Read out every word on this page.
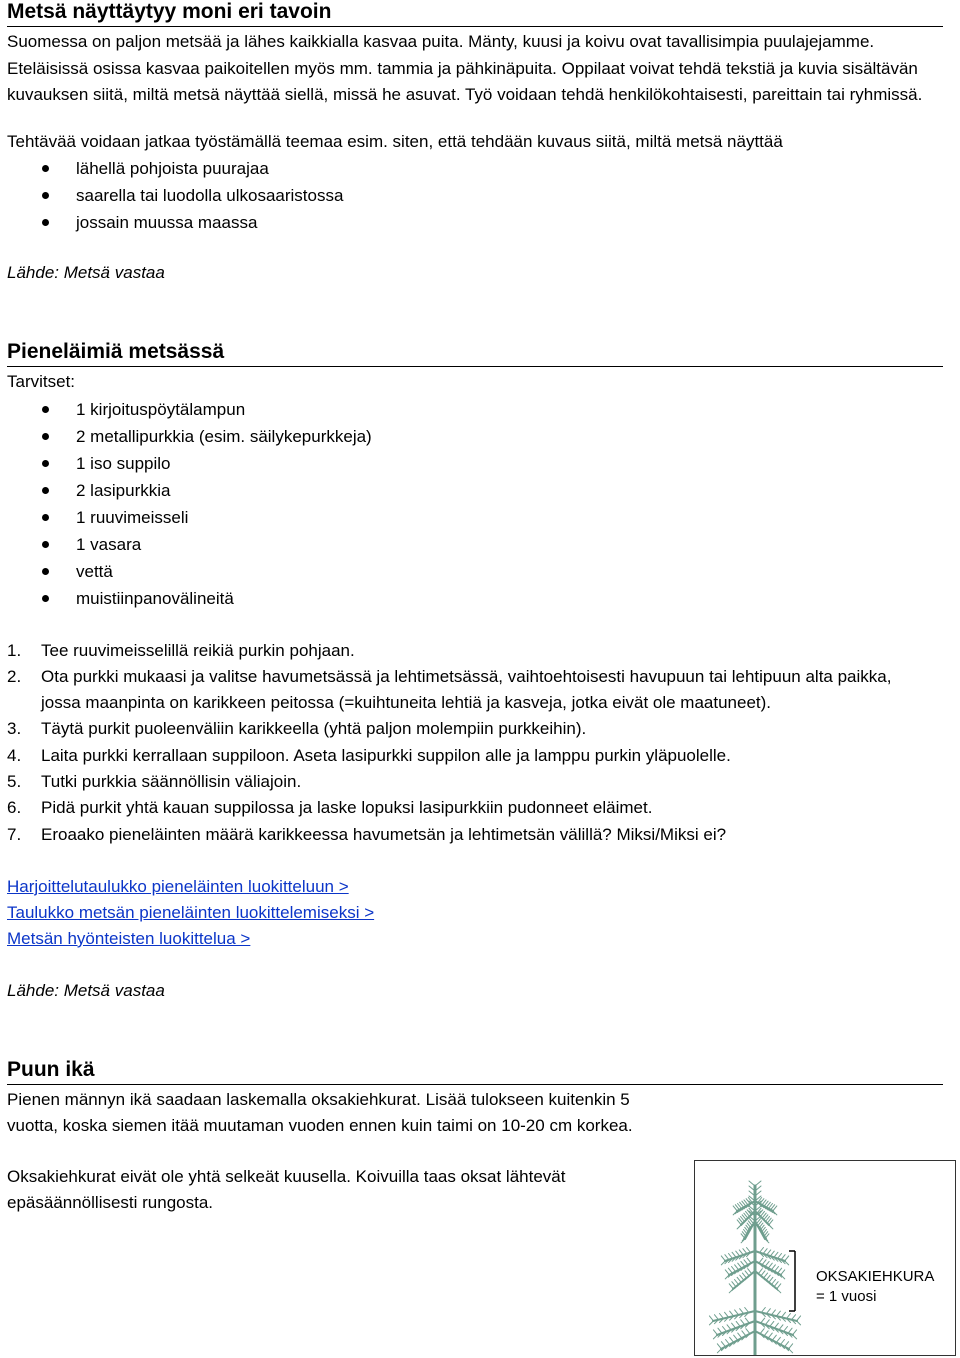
Metsä näyttäytyy moni eri tavoin
Suomessa on paljon metsää ja lähes kaikkialla kasvaa puita. Mänty, kuusi ja koivu ovat tavallisimpia puulajejamme. Eteläisissä osissa kasvaa paikoitellen myös mm. tammia ja pähkinäpuita. Oppilaat voivat tehdä tekstiä ja kuvia sisältävän kuvauksen siitä, miltä metsä näyttää siellä, missä he asuvat. Työ voidaan tehdä henkilökohtaisesti, pareittain tai ryhmissä.
Tehtävää voidaan jatkaa työstämällä teemaa esim. siten, että tehdään kuvaus siitä, miltä metsä näyttää
lähellä pohjoista puurajaa
saarella tai luodolla ulkosaaristossa
jossain muussa maassa
Lähde: Metsä vastaa
Pieneläimiä metsässä
Tarvitset:
1 kirjoituspöytälampun
2 metallipurkkia (esim. säilykepurkkeja)
1 iso suppilo
2 lasipurkkia
1 ruuvimeisseli
1 vasara
vettä
muistiinpanovälineitä
1. Tee ruuvimeisselillä reikiä purkin pohjaan.
2. Ota purkki mukaasi ja valitse havumetsässä ja lehtimetsässä, vaihtoehtoisesti havupuun tai lehtipuun alta paikka, jossa maanpinta on karikkeen peitossa (=kuihtuneita lehtiä ja kasveja, jotka eivät ole maatuneet).
3. Täytä purkit puoleenväliin karikkeella (yhtä paljon molempiin purkkeihin).
4. Laita purkki kerrallaan suppiloon. Aseta lasipurkki suppilon alle ja lamppu purkin yläpuolelle.
5. Tutki purkkia säännöllisin väliajoin.
6. Pidä purkit yhtä kauan suppilossa ja laske lopuksi lasipurkkiin pudonneet eläimet.
7. Eroaako pieneläinten määrä karikkeessa havumetsän ja lehtimetsän välillä? Miksi/Miksi ei?
Harjoittelutaulukko pieneläinten luokitteluun >
Taulukko metsän pieneläinten luokittelemiseksi >
Metsän hyönteisten luokittelua >
Lähde: Metsä vastaa
Puun ikä
Pienen männyn ikä saadaan laskemalla oksakiehkurat. Lisää tulokseen kuitenkin 5 vuotta, koska siemen itää muutaman vuoden ennen kuin taimi on 10-20 cm korkea.
Oksakiehkurat eivät ole yhtä selkeät kuusella. Koivuilla taas oksat lähtevät epäsäännöllisesti rungosta.
OKSAKIEHKURA
= 1 vuosi
